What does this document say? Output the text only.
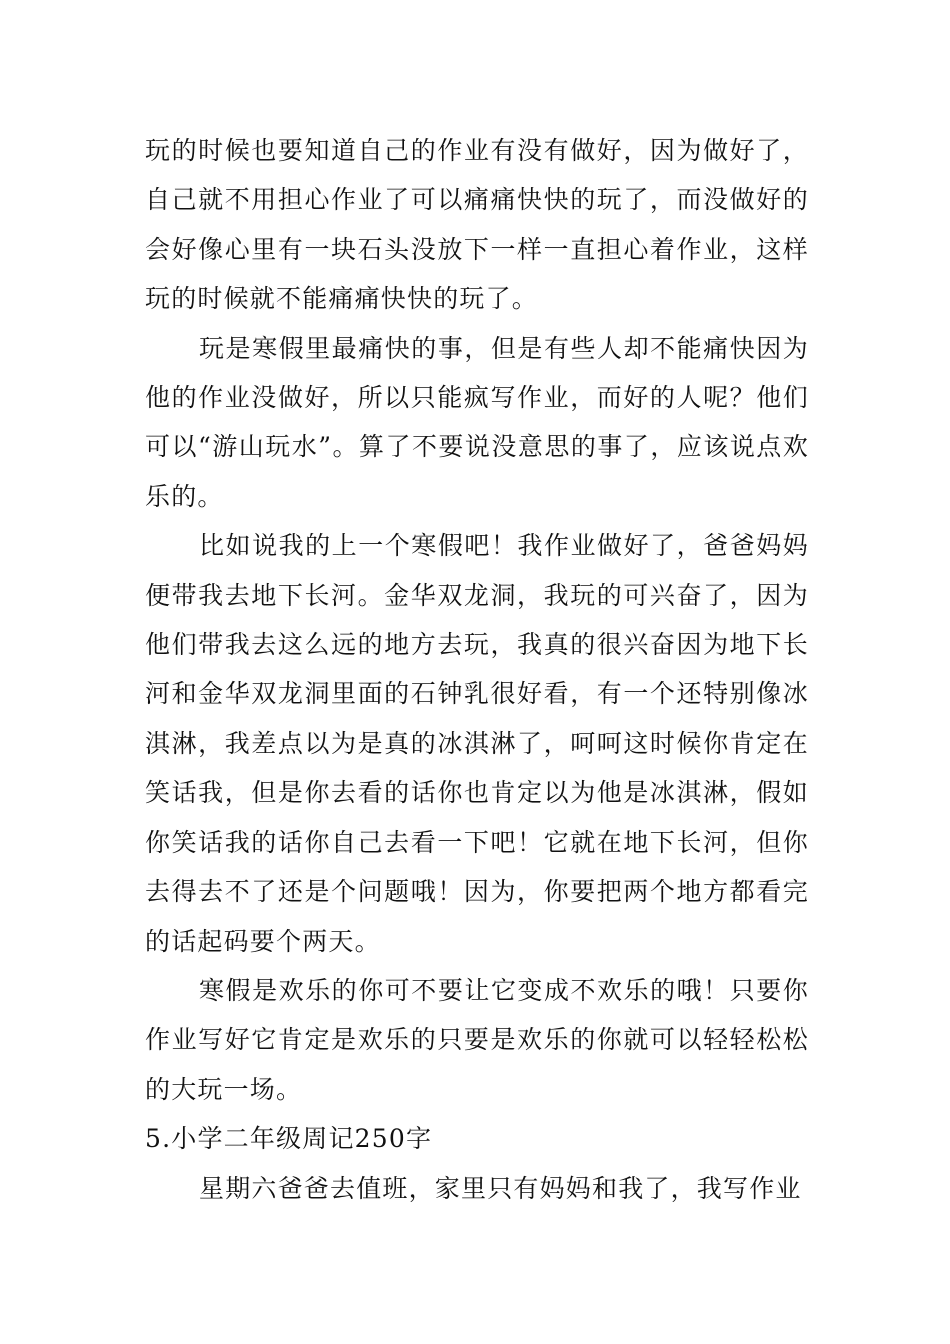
玩的时候也要知道自己的作业有没有做好，因为做好了，自己就不用担心作业了可以痛痛快快的玩了，而没做好的会好像心里有一块石头没放下一样一直担心着作业，这样玩的时候就不能痛痛快快的玩了。

玩是寒假里最痛快的事，但是有些人却不能痛快因为他的作业没做好，所以只能疯写作业，而好的人呢？他们可以“游山玩水”。算了不要说没意思的事了，应该说点欢乐的。

比如说我的上一个寒假吧！我作业做好了，爸爸妈妈便带我去地下长河。金华双龙洞，我玩的可兴奋了，因为他们带我去这么远的地方去玩，我真的很兴奋因为地下长河和金华双龙洞里面的石钟乳很好看，有一个还特别像冰淇淋，我差点以为是真的冰淇淋了，呵呵这时候你肯定在笑话我，但是你去看的话你也肯定以为他是冰淇淋，假如你笑话我的话你自己去看一下吧！它就在地下长河，但你去得去不了还是个问题哦！因为，你要把两个地方都看完的话起码要个两天。

寒假是欢乐的你可不要让它变成不欢乐的哦！只要你作业写好它肯定是欢乐的只要是欢乐的你就可以轻轻松松的大玩一场。

5.小学二年级周记250字

星期六爸爸去值班，家里只有妈妈和我了，我写作业
